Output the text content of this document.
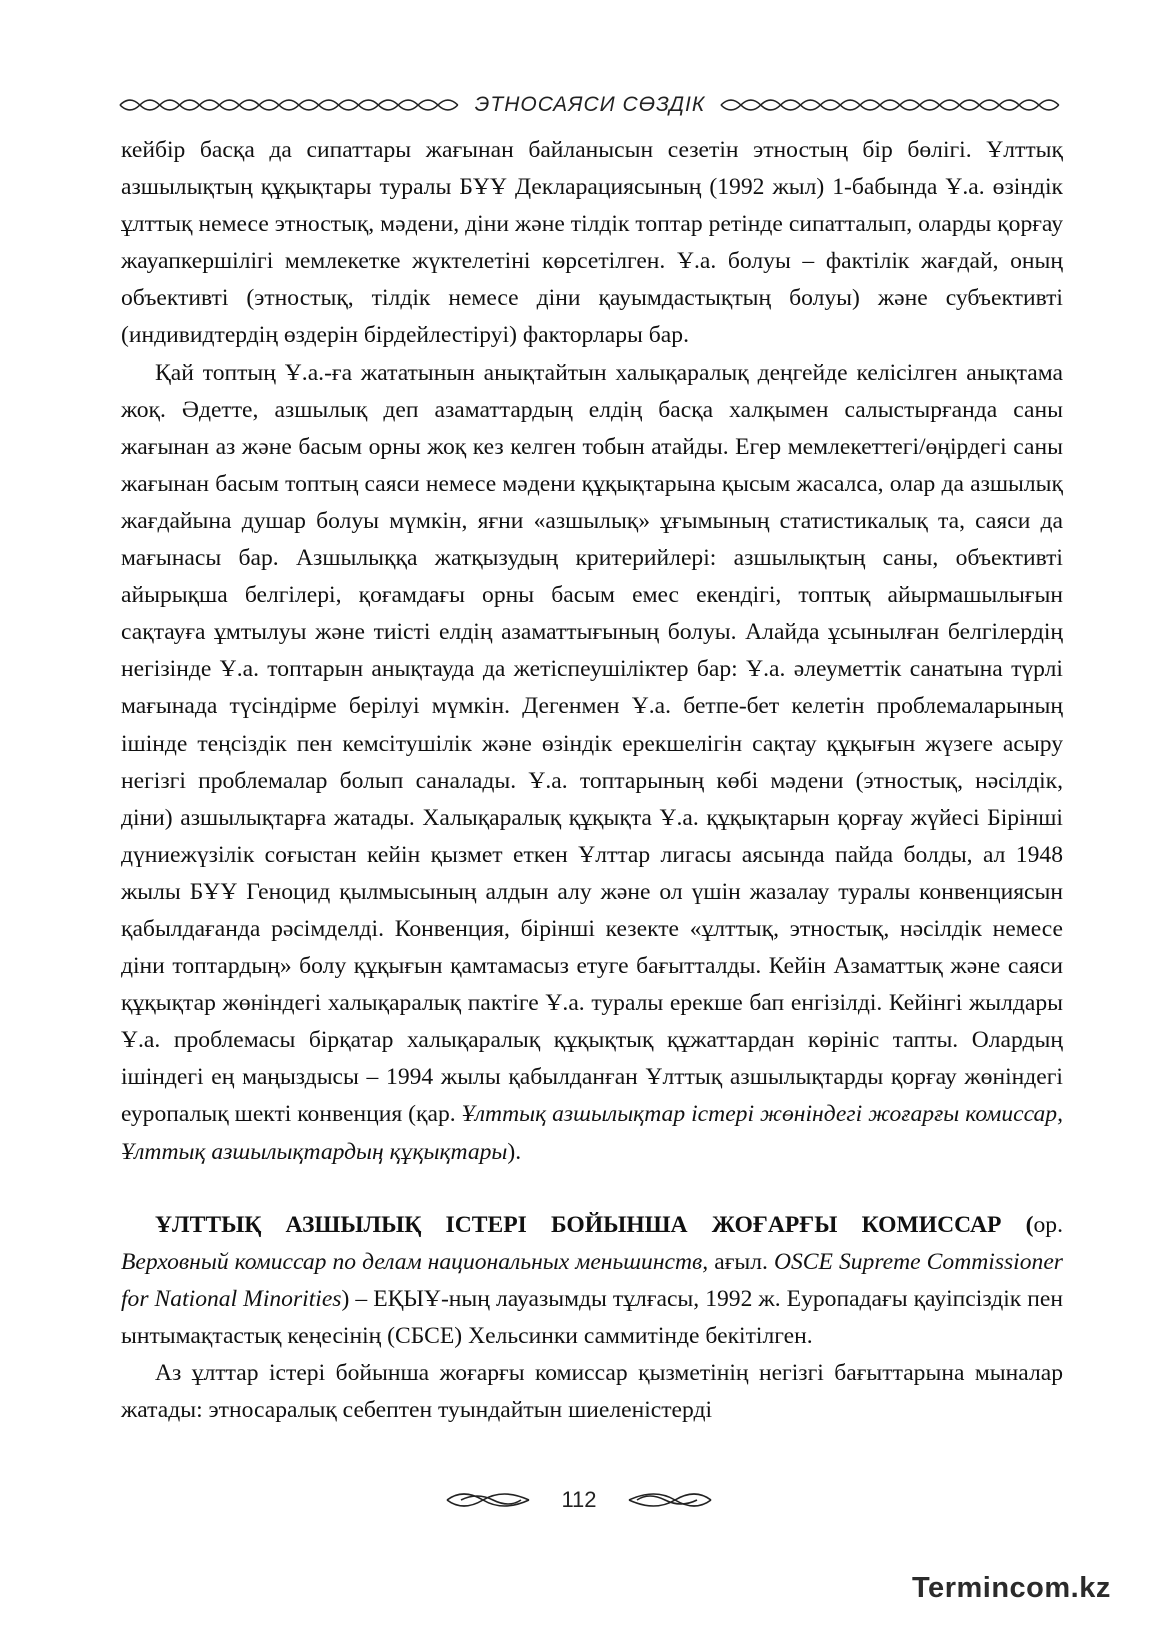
ЭТНОСАЯСИ СӨЗДІК

кейбір басқа да сипаттары жағынан байланысын сезетін этностың бір бөлігі. Ұлттық азшылықтың құқықтары туралы БҰҰ Декларациясының (1992 жыл) 1-бабында Ұ.а. өзіндік ұлттық немесе этностық, мәдени, діни және тілдік топтар ретінде сипатталып, оларды қорғау жауапкершілігі мемлекетке жүктелетіні көрсетілген. Ұ.а. болуы – фактілік жағдай, оның объективті (этностық, тілдік немесе діни қауымдастықтың болуы) және субъективті (индивидтердің өздерін бірдейлестіруі) факторлары бар.

Қай топтың Ұ.а.-ға жататынын анықтайтын халықаралық деңгейде келісілген анықтама жоқ. Әдетте, азшылық деп азаматтардың елдің басқа халқымен салыстырғанда саны жағынан аз және басым орны жоқ кез келген тобын атайды. Егер мемлекеттегі/өңірдегі саны жағынан басым топтың саяси немесе мәдени құқықтарына қысым жасалса, олар да азшылық жағдайына душар болуы мүмкін, яғни «азшылық» ұғымының статистикалық та, саяси да мағынасы бар. Азшылыққа жатқызудың критерийлері: азшылықтың саны, объективті айырықша белгілері, қоғамдағы орны басым емес екендігі, топтық айырмашылығын сақтауға ұмтылуы және тиісті елдің азаматтығының болуы. Алайда ұсынылған белгілердің негізінде Ұ.а. топтарын анықтауда да жетіспеушіліктер бар: Ұ.а. әлеуметтік санатына түрлі мағынада түсіндірме берілуі мүмкін. Дегенмен Ұ.а. бетпе-бет келетін проблемаларының ішінде теңсіздік пен кемсітушілік және өзіндік ерекшелігін сақтау құқығын жүзеге асыру негізгі проблемалар болып саналады. Ұ.а. топтарының көбі мәдени (этностық, нәсілдік, діни) азшылықтарға жатады. Халықаралық құқықта Ұ.а. құқықтарын қорғау жүйесі Бірінші дүниежүзілік соғыстан кейін қызмет еткен Ұлттар лигасы аясында пайда болды, ал 1948 жылы БҰҰ Геноцид қылмысының алдын алу және ол үшін жазалау туралы конвенциясын қабылдағанда рәсімделді. Конвенция, біріншi кезекте «ұлттық, этностық, нәсілдік немесе діни топтардың» болу құқығын қамтамасыз етуге бағытталды. Кейін Азаматтық және саяси құқықтар жөніндегі халықаралық пактіге Ұ.а. туралы ерекше бап енгізілді. Кейінгі жылдары Ұ.а. проблемасы бірқатар халықаралық құқықтық құжаттардан көрініс тапты. Олардың ішіндегі ең маңыздысы – 1994 жылы қабылданған Ұлттық азшылықтарды қорғау жөніндегі еуропалық шекті конвенция (қар. Ұлттық азшылықтар істері жөніндегі жоғарғы комиссар, Ұлттық азшылықтардың құқықтары).

ҰЛТТЫҚ АЗШЫЛЫҚ ІСТЕРІ БОЙЫНША ЖОҒАРҒЫ КОМИССАР (ор. Верховный комиссар по делам национальных меньшинств, ағыл. OSCE Supreme Commissioner for National Minorities) – ЕҚЫҰ-ның лауазымды тұлғасы, 1992 ж. Еуропадағы қауіпсіздік пен ынтымақтастық кеңесінің (СБСЕ) Хельсинки саммитінде бекітілген.

Аз ұлттар істері бойынша жоғарғы комиссар қызметінің негізгі бағыттарына мыналар жатады: этносаралық себептен туындайтын шиеленістерді

112
Termincom.kz
